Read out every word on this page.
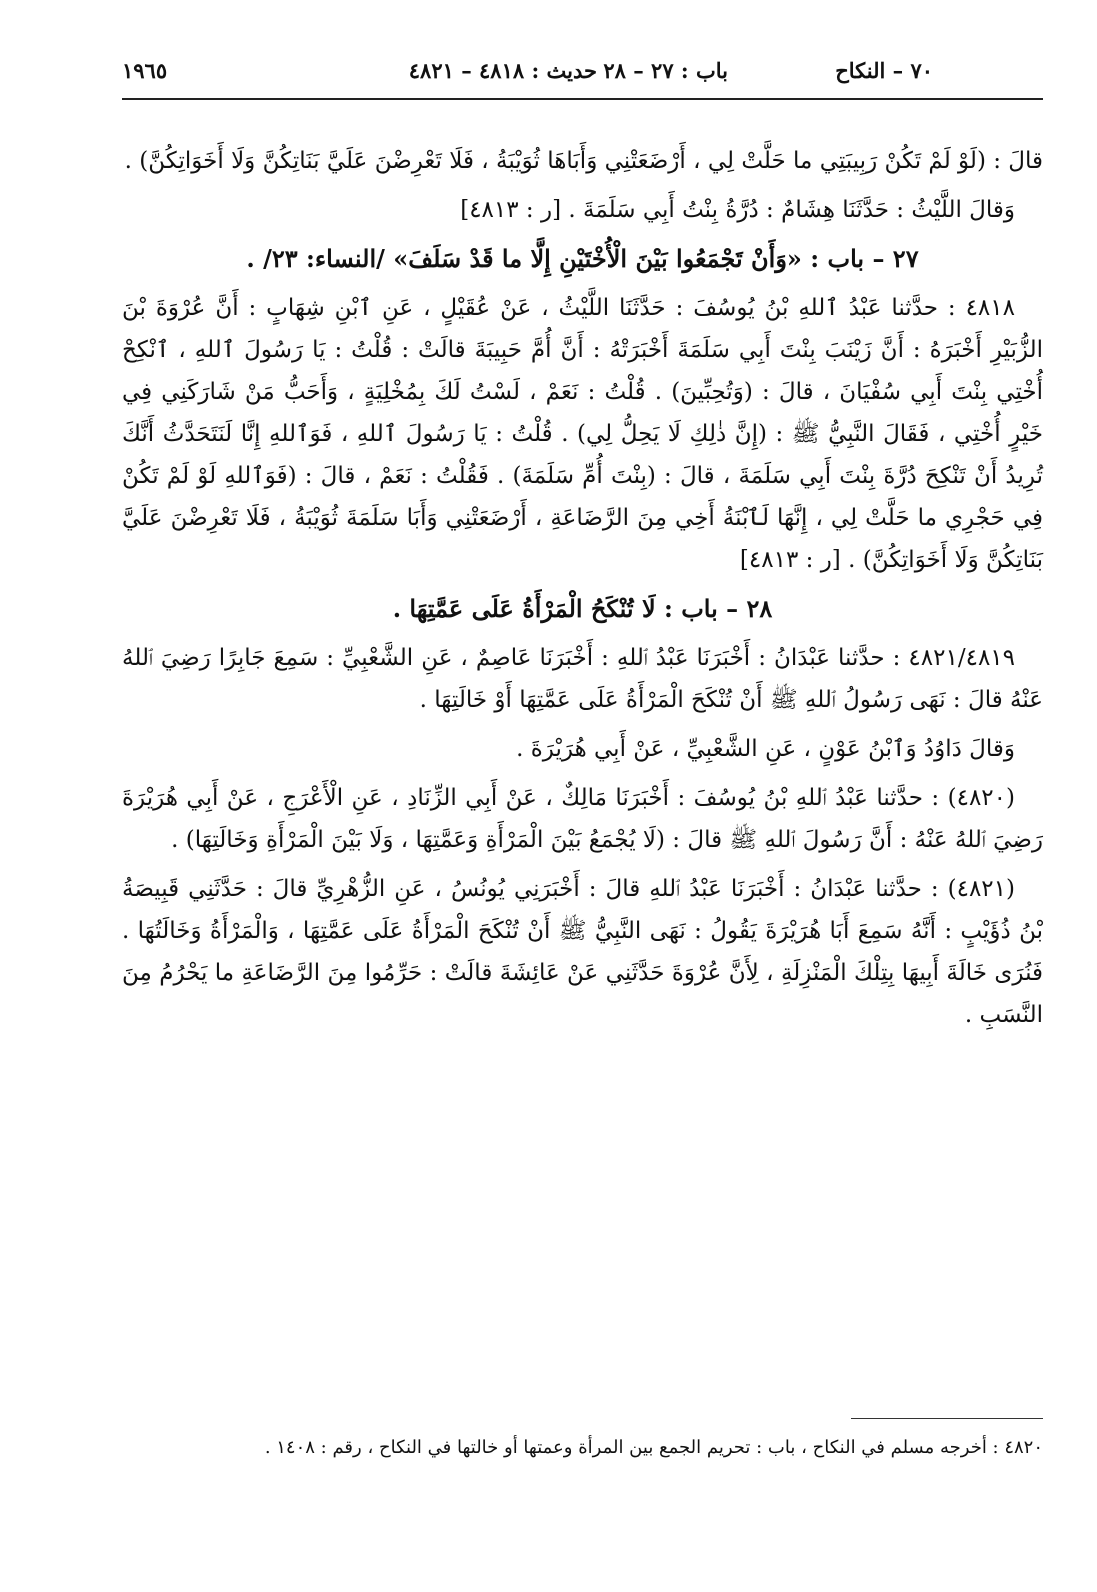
٧٠ – النكاح
باب : ٢٧ – ٢٨
حديث : ٤٨١٨ – ٤٨٢١
١٩٦٥

قالَ : (لَوْ لَمْ تَكُنْ رَبِيبَتِي ما حَلَّتْ لِي ، أَرْضَعَتْنِي وَأَبَاهَا ثُوَيْبَةُ ، فَلَا تَعْرِضْنَ عَلَيَّ بَنَاتِكُنَّ وَلَا أَخَوَاتِكُنَّ) .

وَقالَ اللَّيْثُ : حَدَّثَنَا هِشَامٌ : دُرَّةُ بِنْتُ أَبِي سَلَمَةَ . [ر : ٤٨١٣]

٢٧ – باب : «وَأَنْ تَجْمَعُوا بَيْنَ الْأُخْتَيْنِ إِلَّا ما قَدْ سَلَفَ» /النساء: ٢٣/ .

٤٨١٨ : حدَّثنا عَبْدُ ٱللهِ بْنُ يُوسُفَ : حَدَّثَنَا اللَّيْثُ ، عَنْ عُقَيْلٍ ، عَنِ ٱبْنِ شِهَابٍ : أَنَّ عُرْوَةَ بْنَ الزُّبَيْرِ أَخْبَرَهُ : أَنَّ زَيْنَبَ بِنْتَ أَبِي سَلَمَةَ أَخْبَرَتْهُ : أَنَّ أُمَّ حَبِيبَةَ قالَتْ : قُلْتُ : يَا رَسُولَ ٱللهِ ، ٱنْكِحْ أُخْتِي بِنْتَ أَبِي سُفْيَانَ ، قالَ : (وَتُحِبِّينَ) . قُلْتُ : نَعَمْ ، لَسْتُ لَكَ بِمُخْلِيَةٍ ، وَأَحَبُّ مَنْ شَارَكَنِي فِي خَيْرٍ أُخْتِي ، فَقَالَ النَّبِيُّ ﷺ : (إِنَّ ذٰلِكِ لَا يَحِلُّ لِي) . قُلْتُ : يَا رَسُولَ ٱللهِ ، فَوَٱللهِ إِنَّا لَنَتَحَدَّثُ أَنَّكَ تُرِيدُ أَنْ تَنْكِحَ دُرَّةَ بِنْتَ أَبِي سَلَمَةَ ، قالَ : (بِنْتَ أُمِّ سَلَمَةَ) . فَقُلْتُ : نَعَمْ ، قالَ : (فَوَٱللهِ لَوْ لَمْ تَكُنْ فِي حَجْرِي ما حَلَّتْ لِي ، إِنَّهَا لَٱبْنَةُ أَخِي مِنَ الرَّضَاعَةِ ، أَرْضَعَتْنِي وَأَبَا سَلَمَةَ ثُوَيْبَةُ ، فَلَا تَعْرِضْنَ عَلَيَّ بَنَاتِكُنَّ وَلَا أَخَوَاتِكُنَّ) . [ر : ٤٨١٣]

٢٨ – باب : لَا تُنْكَحُ الْمَرْأَةُ عَلَى عَمَّتِهَا .

٤٨٢١/٤٨١٩ : حدَّثنا عَبْدَانُ : أَخْبَرَنَا عَبْدُ ٱللهِ : أَخْبَرَنَا عَاصِمٌ ، عَنِ الشَّعْبِيِّ : سَمِعَ جَابِرًا رَضِيَ ٱللهُ عَنْهُ قالَ : نَهَى رَسُولُ ٱللهِ ﷺ أَنْ تُنْكَحَ الْمَرْأَةُ عَلَى عَمَّتِهَا أَوْ خَالَتِهَا .

وَقالَ دَاوُدُ وَٱبْنُ عَوْنٍ ، عَنِ الشَّعْبِيِّ ، عَنْ أَبِي هُرَيْرَةَ .

(٤٨٢٠) : حدَّثنا عَبْدُ ٱللهِ بْنُ يُوسُفَ : أَخْبَرَنَا مَالِكٌ ، عَنْ أَبِي الزِّنَادِ ، عَنِ الْأَعْرَجِ ، عَنْ أَبِي هُرَيْرَةَ رَضِيَ ٱللهُ عَنْهُ : أَنَّ رَسُولَ ٱللهِ ﷺ قالَ : (لَا يُجْمَعُ بَيْنَ الْمَرْأَةِ وَعَمَّتِهَا ، وَلَا بَيْنَ الْمَرْأَةِ وَخَالَتِهَا) .

(٤٨٢١) : حدَّثنا عَبْدَانُ : أَخْبَرَنَا عَبْدُ ٱللهِ قالَ : أَخْبَرَنِي يُونُسُ ، عَنِ الزُّهْرِيِّ قالَ : حَدَّثَنِي قَبِيصَةُ بْنُ ذُؤَيْبٍ : أَنَّهُ سَمِعَ أَبَا هُرَيْرَةَ يَقُولُ : نَهَى النَّبِيُّ ﷺ أَنْ تُنْكَحَ الْمَرْأَةُ عَلَى عَمَّتِهَا ، وَالْمَرْأَةُ وَخَالَتُهَا . فَنُرَى خَالَةَ أَبِيهَا بِتِلْكَ الْمَنْزِلَةِ ، لِأَنَّ عُرْوَةَ حَدَّثَنِي عَنْ عَائِشَةَ قالَتْ : حَرِّمُوا مِنَ الرَّضَاعَةِ ما يَحْرُمُ مِنَ النَّسَبِ .

٤٨٢٠ : أخرجه مسلم في النكاح ، باب : تحريم الجمع بين المرأة وعمتها أو خالتها في النكاح ، رقم : ١٤٠٨ .
